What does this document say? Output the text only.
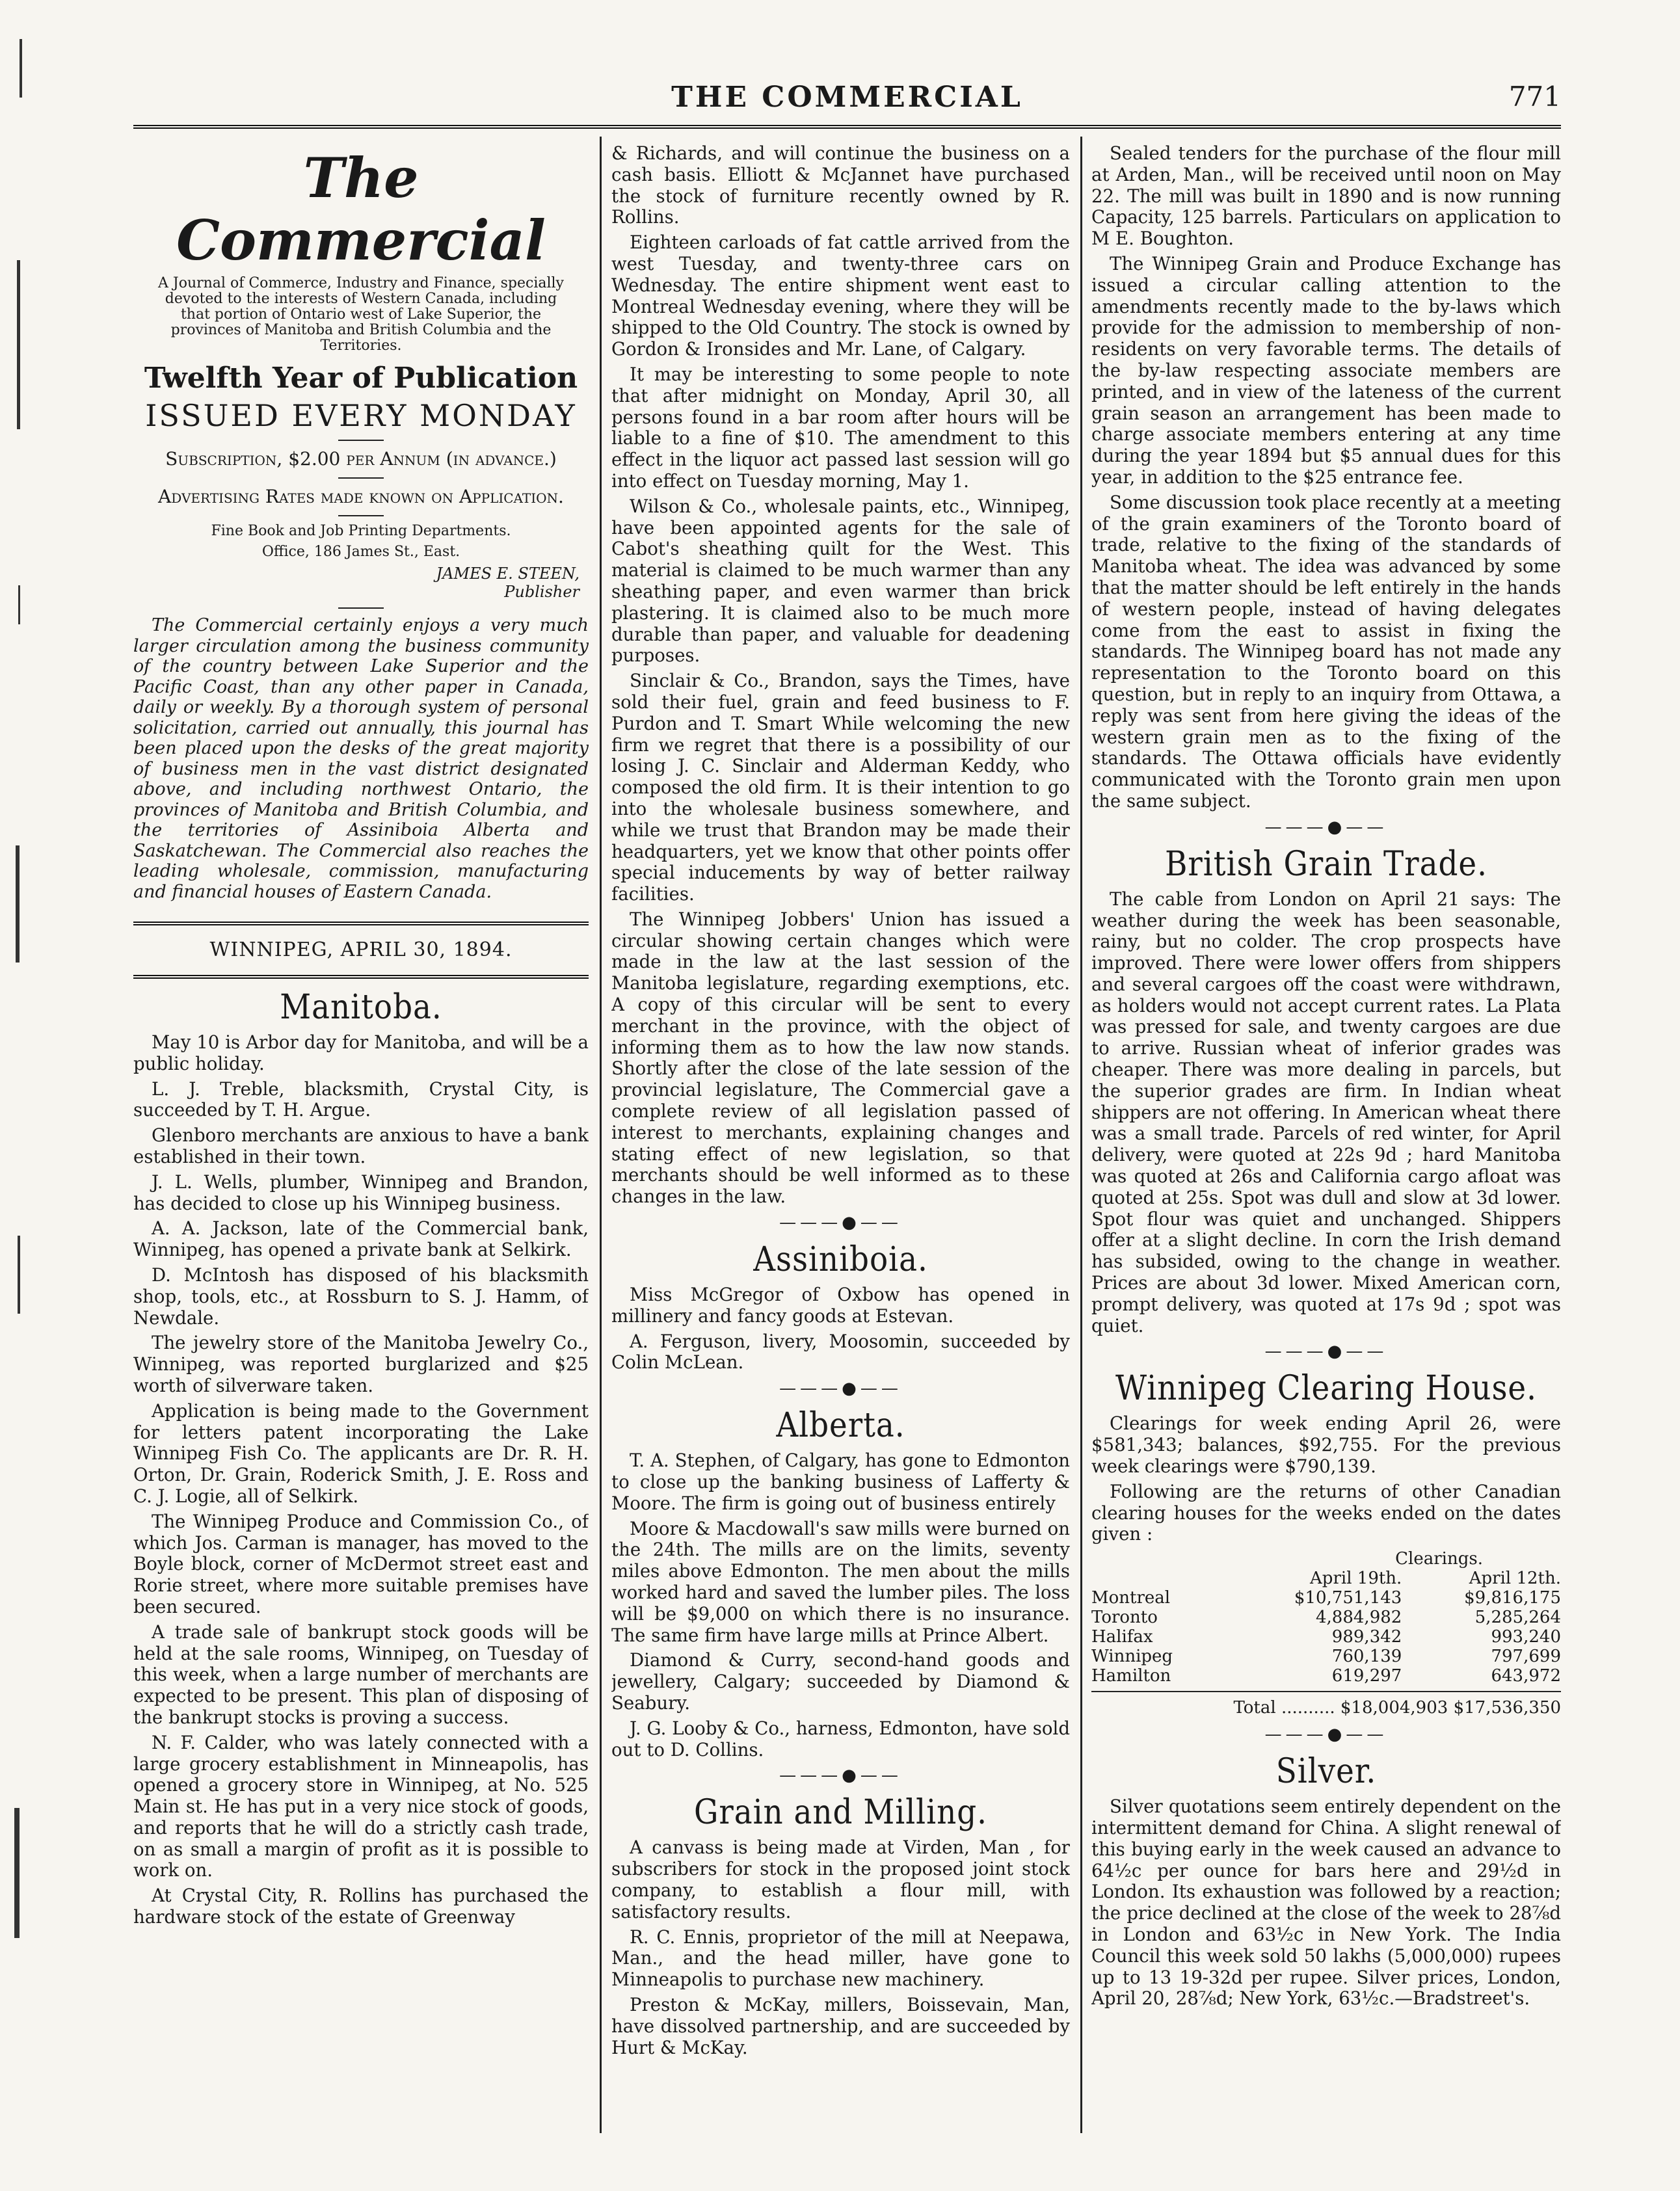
THE COMMERCIAL	771
The Commercial
A Journal of Commerce, Industry and Finance, specially devoted to the interests of Western Canada, including that portion of Ontario west of Lake Superior, the provinces of Manitoba and British Columbia and the Territories.
Twelfth Year of Publication
ISSUED EVERY MONDAY
Subscription, $2.00 per Annum (in advance.)
Advertising Rates made known on Application.
Fine Book and Job Printing Departments.
Office, 186 James St., East.
JAMES E. STEEN,
Publisher
The Commercial certainly enjoys a very much larger circulation among the business community of the country between Lake Superior and the Pacific Coast, than any other paper in Canada, daily or weekly. By a thorough system of personal solicitation, carried out annually, this journal has been placed upon the desks of the great majority of business men in the vast district designated above, and including northwest Ontario, the provinces of Manitoba and British Columbia, and the territories of Assiniboia Alberta and Saskatchewan. The Commercial also reaches the leading wholesale, commission, manufacturing and financial houses of Eastern Canada.
WINNIPEG, APRIL 30, 1894.
Manitoba.

May 10 is Arbor day for Manitoba, and will be a public holiday.

L. J. Treble, blacksmith, Crystal City, is succeeded by T. H. Argue.

Glenboro merchants are anxious to have a bank established in their town.

J. L. Wells, plumber, Winnipeg and Brandon, has decided to close up his Winnipeg business.

A. A. Jackson, late of the Commercial bank, Winnipeg, has opened a private bank at Selkirk.

D. McIntosh has disposed of his blacksmith shop, tools, etc., at Rossburn to S. J. Hamm, of Newdale.

The jewelry store of the Manitoba Jewelry Co., Winnipeg, was reported burglarized and $25 worth of silverware taken.

Application is being made to the Government for letters patent incorporating the Lake Winnipeg Fish Co. The applicants are Dr. R. H. Orton, Dr. Grain, Roderick Smith, J. E. Ross and C. J. Logie, all of Selkirk.

The Winnipeg Produce and Commission Co., of which Jos. Carman is manager, has moved to the Boyle block, corner of McDermot street east and Rorie street, where more suitable premises have been secured.

A trade sale of bankrupt stock goods will be held at the sale rooms, Winnipeg, on Tuesday of this week, when a large number of merchants are expected to be present. This plan of disposing of the bankrupt stocks is proving a success.

N. F. Calder, who was lately connected with a large grocery establishment in Minneapolis, has opened a grocery store in Winnipeg, at No. 525 Main st. He has put in a very nice stock of goods, and reports that he will do a strictly cash trade, on as small a margin of profit as it is possible to work on.

At Crystal City, R. Rollins has purchased the hardware stock of the estate of Greenway

& Richards, and will continue the business on a cash basis. Elliott & McJannet have purchased the stock of furniture recently owned by R. Rollins.

Eighteen carloads of fat cattle arrived from the west Tuesday, and twenty-three cars on Wednesday. The entire shipment went east to Montreal Wednesday evening, where they will be shipped to the Old Country. The stock is owned by Gordon & Ironsides and Mr. Lane, of Calgary.

It may be interesting to some people to note that after midnight on Monday, April 30, all persons found in a bar room after hours will be liable to a fine of $10. The amendment to this effect in the liquor act passed last session will go into effect on Tuesday morning, May 1.

Wilson & Co., wholesale paints, etc., Winnipeg, have been appointed agents for the sale of Cabot's sheathing quilt for the West. This material is claimed to be much warmer than any sheathing paper, and even warmer than brick plastering. It is claimed also to be much more durable than paper, and valuable for deadening purposes.

Sinclair & Co., Brandon, says the Times, have sold their fuel, grain and feed business to F. Purdon and T. Smart While welcoming the new firm we regret that there is a possibility of our losing J. C. Sinclair and Alderman Keddy, who composed the old firm. It is their intention to go into the wholesale business somewhere, and while we trust that Brandon may be made their headquarters, yet we know that other points offer special inducements by way of better railway facilities.

The Winnipeg Jobbers' Union has issued a circular showing certain changes which were made in the law at the last session of the Manitoba legislature, regarding exemptions, etc. A copy of this circular will be sent to every merchant in the province, with the object of informing them as to how the law now stands. Shortly after the close of the late session of the provincial legislature, The Commercial gave a complete review of all legislation passed of interest to merchants, explaining changes and stating effect of new legislation, so that merchants should be well informed as to these changes in the law.

———●——
Assiniboia.

Miss McGregor of Oxbow has opened in millinery and fancy goods at Estevan.

A. Ferguson, livery, Moosomin, succeeded by Colin McLean.

———●——
Alberta.

T. A. Stephen, of Calgary, has gone to Edmonton to close up the banking business of Lafferty & Moore. The firm is going out of business entirely

Moore & Macdowall's saw mills were burned on the 24th. The mills are on the limits, seventy miles above Edmonton. The men about the mills worked hard and saved the lumber piles. The loss will be $9,000 on which there is no insurance. The same firm have large mills at Prince Albert.

Diamond & Curry, second-hand goods and jewellery, Calgary; succeeded by Diamond & Seabury.

J. G. Looby & Co., harness, Edmonton, have sold out to D. Collins.

———●——
Grain and Milling.

A canvass is being made at Virden, Man , for subscribers for stock in the proposed joint stock company, to establish a flour mill, with satisfactory results.

R. C. Ennis, proprietor of the mill at Neepawa, Man., and the head miller, have gone to Minneapolis to purchase new machinery.

Preston & McKay, millers, Boissevain, Man, have dissolved partnership, and are succeeded by Hurt & McKay.

Sealed tenders for the purchase of the flour mill at Arden, Man., will be received until noon on May 22. The mill was built in 1890 and is now running Capacity, 125 barrels. Particulars on application to M E. Boughton.

The Winnipeg Grain and Produce Exchange has issued a circular calling attention to the amendments recently made to the by-laws which provide for the admission to membership of non-residents on very favorable terms. The details of the by-law respecting associate members are printed, and in view of the lateness of the current grain season an arrangement has been made to charge associate members entering at any time during the year 1894 but $5 annual dues for this year, in addition to the $25 entrance fee.

Some discussion took place recently at a meeting of the grain examiners of the Toronto board of trade, relative to the fixing of the standards of Manitoba wheat. The idea was advanced by some that the matter should be left entirely in the hands of western people, instead of having delegates come from the east to assist in fixing the standards. The Winnipeg board has not made any representation to the Toronto board on this question, but in reply to an inquiry from Ottawa, a reply was sent from here giving the ideas of the western grain men as to the fixing of the standards. The Ottawa officials have evidently communicated with the Toronto grain men upon the same subject.

———●——
British Grain Trade.

The cable from London on April 21 says: The weather during the week has been seasonable, rainy, but no colder. The crop prospects have improved. There were lower offers from shippers and several cargoes off the coast were withdrawn, as holders would not accept current rates. La Plata was pressed for sale, and twenty cargoes are due to arrive. Russian wheat of inferior grades was cheaper. There was more dealing in parcels, but the superior grades are firm. In Indian wheat shippers are not offering. In American wheat there was a small trade. Parcels of red winter, for April delivery, were quoted at 22s 9d ; hard Manitoba was quoted at 26s and California cargo afloat was quoted at 25s. Spot was dull and slow at 3d lower. Spot flour was quiet and unchanged. Shippers offer at a slight decline. In corn the Irish demand has subsided, owing to the change in weather. Prices are about 3d lower. Mixed American corn, prompt delivery, was quoted at 17s 9d ; spot was quiet.

———●——
Winnipeg Clearing House.

Clearings for week ending April 26, were $581,343; balances, $92,755. For the previous week clearings were $790,139.

Following are the returns of other Canadian clearing houses for the weeks ended on the dates given :

Clearings.
	April 19th.	April 12th.
Montreal	$10,751,143	$9,816,175
Toronto	4,884,982	5,285,264
Halifax	989,342	993,240
Winnipeg	760,139	797,699
Hamilton	619,297	643,972
Total .......... $18,004,903 $17,536,350
———●——
Silver.

Silver quotations seem entirely dependent on the intermittent demand for China. A slight renewal of this buying early in the week caused an advance to 64½c per ounce for bars here and 29½d in London. Its exhaustion was followed by a reaction; the price declined at the close of the week to 28⅞d in London and 63½c in New York. The India Council this week sold 50 lakhs (5,000,000) rupees up to 13 19-32d per rupee. Silver prices, London, April 20, 28⅞d; New York, 63½c.—Bradstreet's.
